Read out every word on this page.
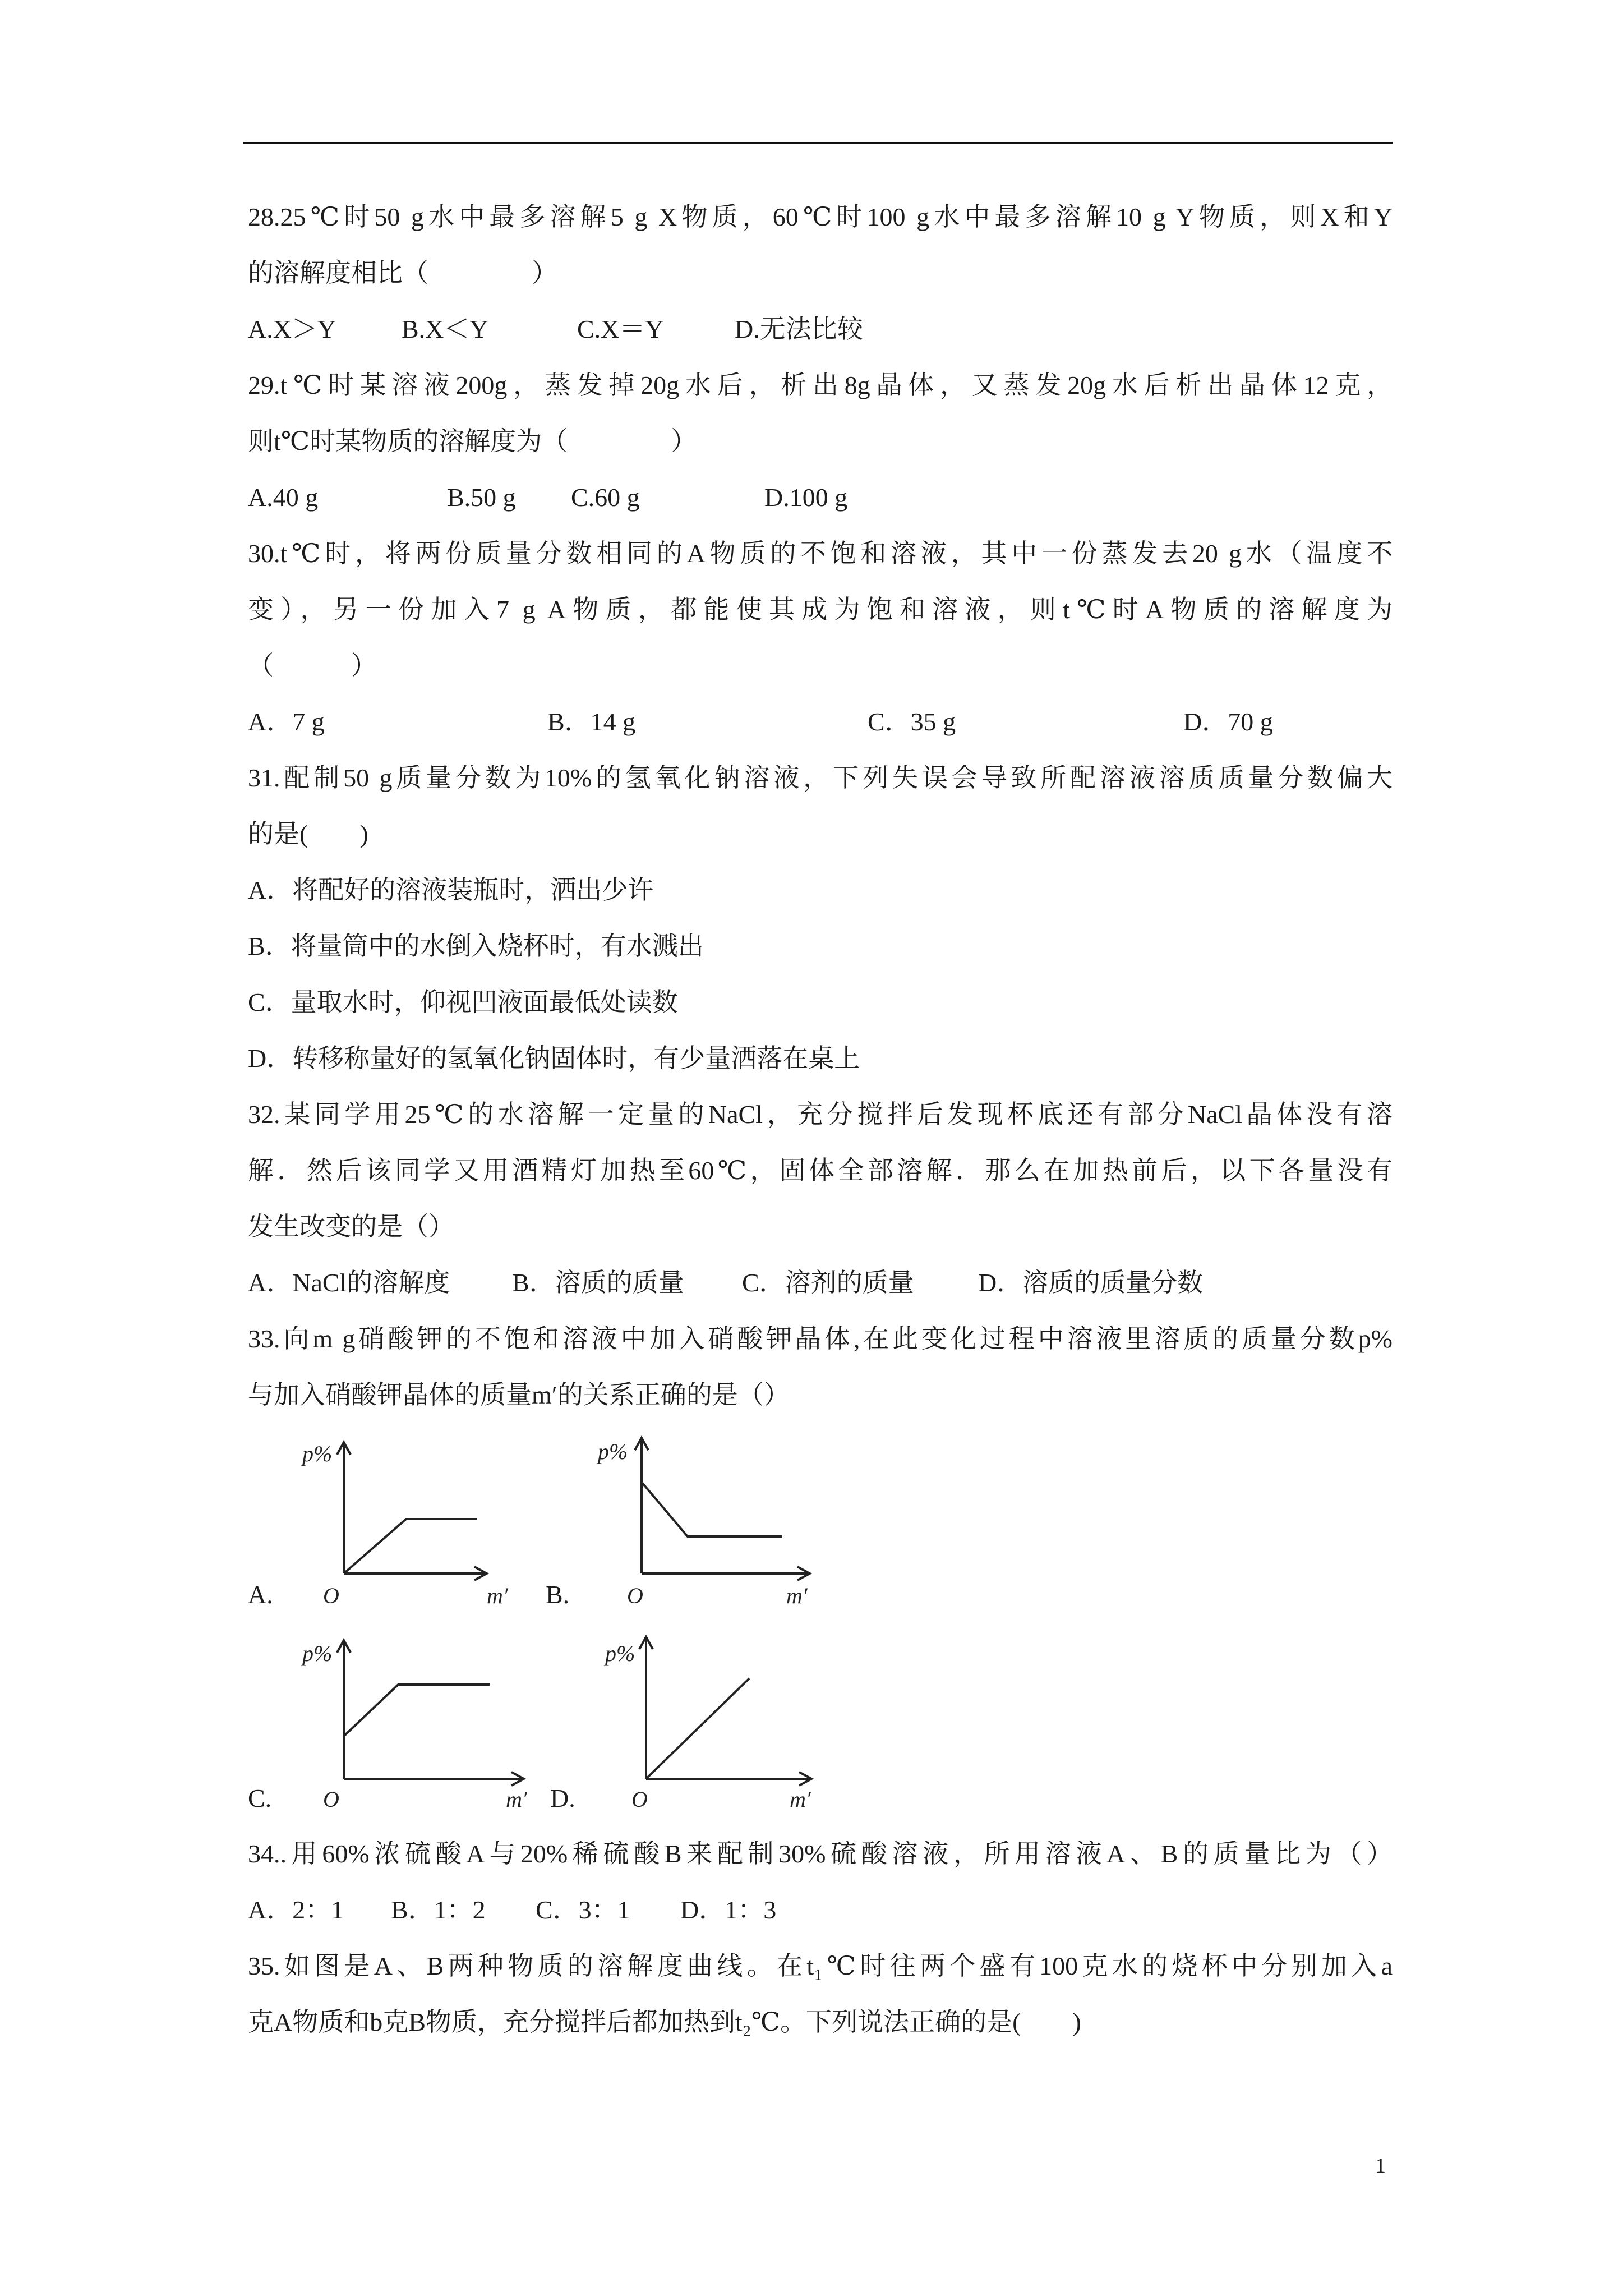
28.25℃时50 g水中最多溶解5 g X物质，60℃时100 g水中最多溶解10 g Y物质，则X和Y
的溶解度相比（　　　　）
A.X＞Y	B.X＜Y	C.X＝Y	D.无法比较
29.t℃时某溶液200g，蒸发掉20g水后，析出8g晶体，又蒸发20g水后析出晶体12克，
则t℃时某物质的溶解度为（　　　　）
A.40 g	B.50 g C.60 g	D.100 g
30.t℃时，将两份质量分数相同的A物质的不饱和溶液，其中一份蒸发去20 g水（温度不
变），另一份加入7 g A物质，都能使其成为饱和溶液，则t℃时A物质的溶解度为
（　　　）
A．7 g	B．14 g	C．35 g	D．70 g
31.配制50 g质量分数为10%的氢氧化钠溶液，下列失误会导致所配溶液溶质质量分数偏大
的是(　　)
A．将配好的溶液装瓶时，洒出少许
B．将量筒中的水倒入烧杯时，有水溅出
C．量取水时，仰视凹液面最低处读数
D．转移称量好的氢氧化钠固体时，有少量洒落在桌上
32.某同学用25℃的水溶解一定量的NaCl，充分搅拌后发现杯底还有部分NaCl晶体没有溶
解．然后该同学又用酒精灯加热至60℃，固体全部溶解．那么在加热前后，以下各量没有
发生改变的是（）
A．NaCl的溶解度 B．溶质的质量 C．溶剂的质量 D．溶质的质量分数
33.向m g硝酸钾的不饱和溶液中加入硝酸钾晶体,在此变化过程中溶液里溶质的质量分数p%
与加入硝酸钾晶体的质量m′的关系正确的是（）
A.
p%
O	m′ B.
p%
O	m′
C.
p%
O	m′ D.
p%
O	m′
34..用60%浓硫酸A与20%稀硫酸B来配制30%硫酸溶液，所用溶液A、B的质量比为（）
A．2：1 B．1：2 C．3：1 D．1：3
35.如图是A、B两种物质的溶解度曲线。在t₁℃时往两个盛有100克水的烧杯中分别加入a
克A物质和b克B物质，充分搅拌后都加热到t₂℃。下列说法正确的是(　　)
1
